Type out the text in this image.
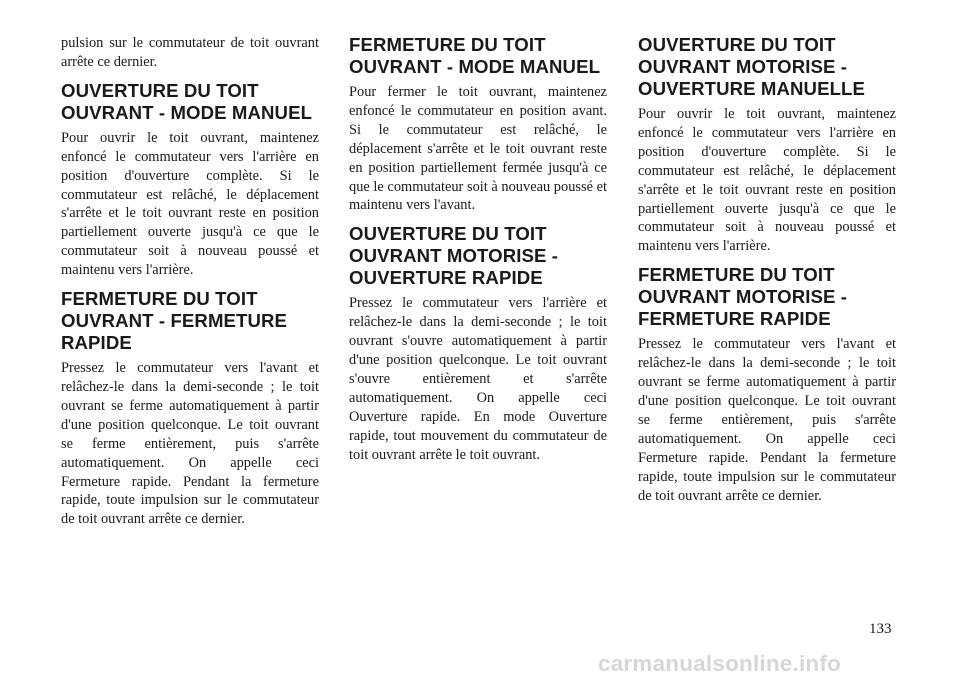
pulsion sur le commutateur de toit ouvrant arrête ce dernier.

OUVERTURE DU TOIT OUVRANT - MODE MANUEL

Pour ouvrir le toit ouvrant, maintenez enfoncé le commutateur vers l'arrière en position d'ouverture complète. Si le commutateur est relâché, le déplacement s'arrête et le toit ouvrant reste en position partiellement ouverte jusqu'à ce que le commutateur soit à nouveau poussé et maintenu vers l'arrière.

FERMETURE DU TOIT OUVRANT - FERMETURE RAPIDE

Pressez le commutateur vers l'avant et relâchez-le dans la demi-seconde ; le toit ouvrant se ferme automatiquement à partir d'une position quelconque. Le toit ouvrant se ferme entièrement, puis s'arrête automatiquement. On appelle ceci Fermeture rapide. Pendant la fermeture rapide, toute impulsion sur le commutateur de toit ouvrant arrête ce dernier.

FERMETURE DU TOIT OUVRANT - MODE MANUEL

Pour fermer le toit ouvrant, maintenez enfoncé le commutateur en position avant. Si le commutateur est relâché, le déplacement s'arrête et le toit ouvrant reste en position partiellement fermée jusqu'à ce que le commutateur soit à nouveau poussé et maintenu vers l'avant.

OUVERTURE DU TOIT OUVRANT MOTORISE - OUVERTURE RAPIDE

Pressez le commutateur vers l'arrière et relâchez-le dans la demi-seconde ; le toit ouvrant s'ouvre automatiquement à partir d'une position quelconque. Le toit ouvrant s'ouvre entièrement et s'arrête automatiquement. On appelle ceci Ouverture rapide. En mode Ouverture rapide, tout mouvement du commutateur de toit ouvrant arrête le toit ouvrant.

OUVERTURE DU TOIT OUVRANT MOTORISE - OUVERTURE MANUELLE

Pour ouvrir le toit ouvrant, maintenez enfoncé le commutateur vers l'arrière en position d'ouverture complète. Si le commutateur est relâché, le déplacement s'arrête et le toit ouvrant reste en position partiellement ouverte jusqu'à ce que le commutateur soit à nouveau poussé et maintenu vers l'arrière.

FERMETURE DU TOIT OUVRANT MOTORISE - FERMETURE RAPIDE

Pressez le commutateur vers l'avant et relâchez-le dans la demi-seconde ; le toit ouvrant se ferme automatiquement à partir d'une position quelconque. Le toit ouvrant se ferme entièrement, puis s'arrête automatiquement. On appelle ceci Fermeture rapide. Pendant la fermeture rapide, toute impulsion sur le commutateur de toit ouvrant arrête ce dernier.

133
carmanualsonline.info
